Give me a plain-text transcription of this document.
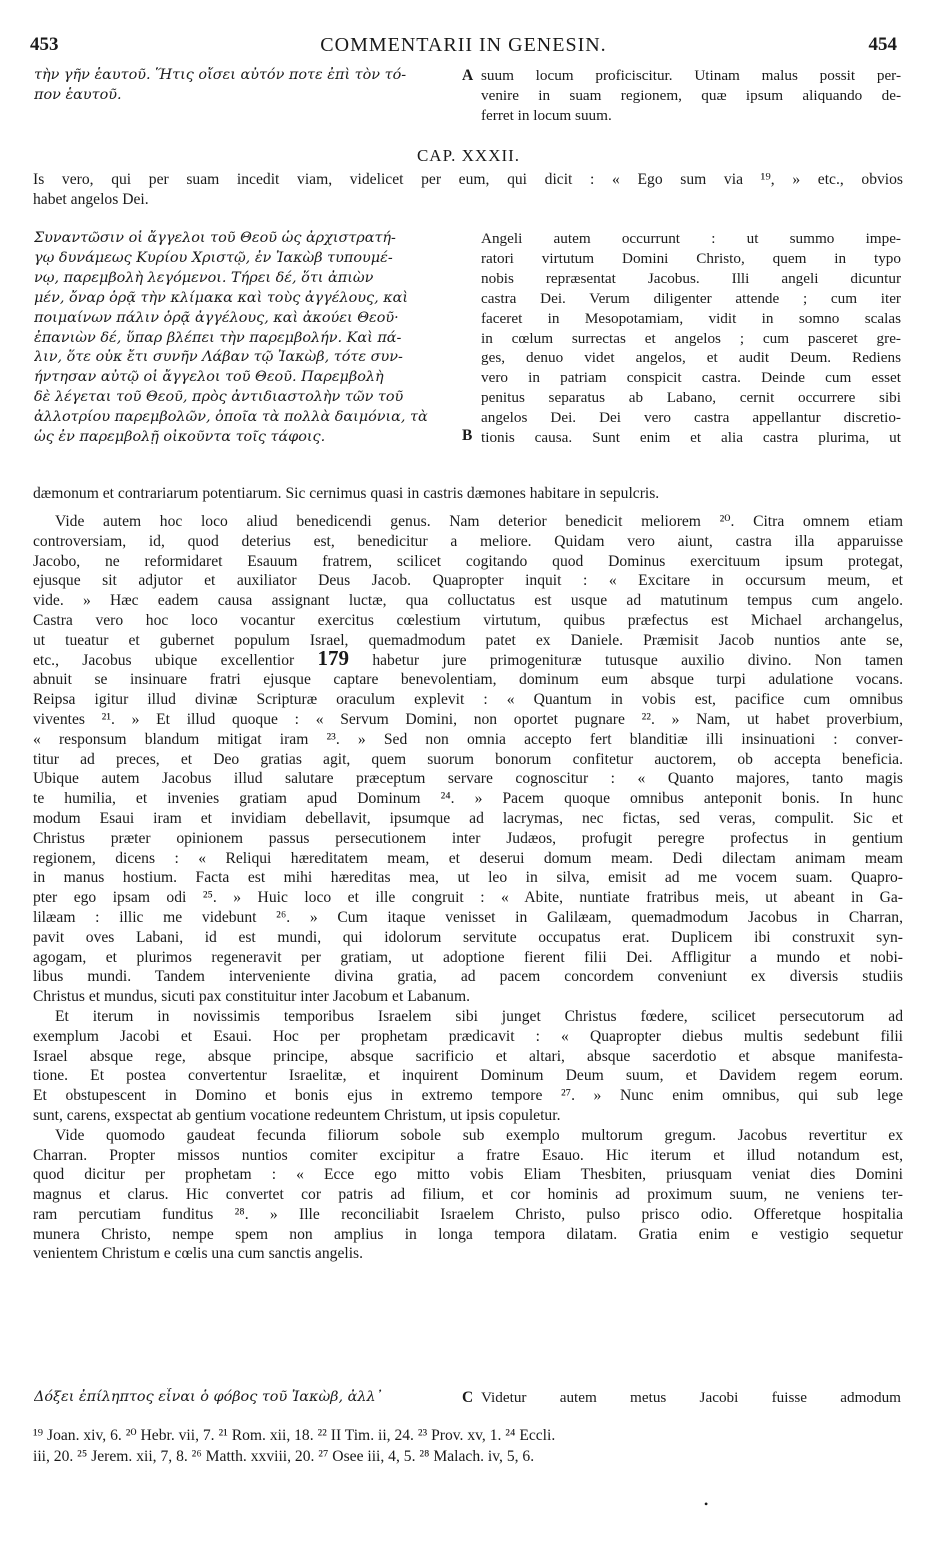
453	COMMENTARII IN GENESIN.	454
τὴν γῆν ἑαυτοῦ. Ἥτις οἴσει αὐτόν ποτε ἐπὶ τὸν τό-
πον ἑαυτοῦ.
A suum locum proficiscitur. Utinam malus possit per-
venire in suam regionem, quæ ipsum aliquando de-
ferret in locum suum.
CAP. XXXII.
Is vero, qui per suam incedit viam, videlicet per eum, qui dicit : « Ego sum via ¹⁹, » etc., obvios
habet angelos Dei.
Συναντῶσιν οἱ ἄγγελοι τοῦ Θεοῦ ὡς ἀρχιστρατή-
γῳ δυνάμεως Κυρίου Χριστῷ, ἐν Ἰακὼβ τυπουμέ-
νῳ, παρεμβολὴ λεγόμενοι. Τήρει δέ, ὅτι ἀπιὼν
μέν, ὄναρ ὁρᾷ τὴν κλίμακα καὶ τοὺς ἀγγέλους, καὶ
ποιμαίνων πάλιν ὁρᾷ ἀγγέλους, καὶ ἀκούει Θεοῦ·
ἐπανιὼν δέ, ὕπαρ βλέπει τὴν παρεμβολήν. Καὶ πά-
λιν, ὅτε οὐκ ἔτι συνῆν Λάβαν τῷ Ἰακὼβ, τότε συν-
ήντησαν αὐτῷ οἱ ἄγγελοι τοῦ Θεοῦ. Παρεμβολὴ
δὲ λέγεται τοῦ Θεοῦ, πρὸς ἀντιδιαστολὴν τῶν τοῦ
ἀλλοτρίου παρεμβολῶν, ὁποῖα τὰ πολλὰ δαιμόνια, τὰ
ὡς ἐν παρεμβολῇ οἰκοῦντα τοῖς τάφοις.	B
Angeli autem occurrunt : ut summo impe-
ratori virtutum Domini Christo, quem in typo
nobis repræsentat Jacobus. Illi angeli dicuntur
castra Dei. Verum diligenter attende ; cum iter
faceret in Mesopotamiam, vidit in somno scalas
in cœlum surrectas et angelos ; cum pasceret gre-
ges, denuo videt angelos, et audit Deum. Rediens
vero in patriam conspicit castra. Deinde cum esset
penitus separatus ab Labano, cernit occurrere sibi
angelos Dei. Dei vero castra appellantur discretio-
tionis causa. Sunt enim et alia castra plurima, ut
dæmonum et contrariarum potentiarum. Sic cernimus quasi in castris dæmones habitare in sepulcris.
Vide autem hoc loco aliud benedicendi genus. Nam deterior benedicit meliorem ²⁰. Citra omnem etiam
controversiam, id, quod deterius est, benedicitur a meliore. Quidam vero aiunt, castra illa apparuisse
Jacobo, ne reformidaret Esauum fratrem, scilicet cogitando quod Dominus exercituum ipsum protegat,
ejusque sit adjutor et auxiliator Deus Jacob. Quapropter inquit : « Excitare in occursum meum, et
vide. » Hæc eadem causa assignant luctæ, qua colluctatus est usque ad matutinum tempus cum angelo.
Castra vero hoc loco vocantur exercitus cœlestium virtutum, quibus præfectus est Michael archangelus,
ut tueatur et gubernet populum Israel, quemadmodum patet ex Daniele. Præmisit Jacob nuntios ante se,
etc., Jacobus ubique excellentior 179 habetur jure primogenituræ tutusque auxilio divino. Non tamen
abnuit se insinuare fratri ejusque captare benevolentiam, dominum eum absque turpi adulatione vocans.
Reipsa igitur illud divinæ Scripturæ oraculum explevit : « Quantum in vobis est, pacifice cum omnibus
viventes ²¹. » Et illud quoque : « Servum Domini, non oportet pugnare ²². » Nam, ut habet proverbium,
« responsum blandum mitigat iram ²³. » Sed non omnia accepto fert blanditiæ illi insinuationi : conver-
titur ad preces, et Deo gratias agit, quem suorum bonorum confitetur auctorem, ob accepta beneficia.
Ubique autem Jacobus illud salutare præceptum servare cognoscitur : « Quanto majores, tanto magis
te humilia, et invenies gratiam apud Dominum ²⁴. » Pacem quoque omnibus anteponit bonis. In hunc
modum Esaui iram et invidiam debellavit, ipsumque ad lacrymas, nec fictas, sed veras, compulit. Sic et
Christus præter opinionem passus persecutionem inter Judæos, profugit peregre profectus in gentium
regionem, dicens : « Reliqui hæreditatem meam, et deserui domum meam. Dedi dilectam animam meam
in manus hostium. Facta est mihi hæreditas mea, ut leo in silva, emisit ad me vocem suam. Quapro-
pter ego ipsam odi ²⁵. » Huic loco et ille congruit : « Abite, nuntiate fratribus meis, ut abeant in Ga-
lilæam : illic me videbunt ²⁶. » Cum itaque venisset in Galilæam, quemadmodum Jacobus in Charran,
pavit oves Labani, id est mundi, qui idolorum servitute occupatus erat. Duplicem ibi construxit syn-
agogam, et plurimos regeneravit per gratiam, ut adoptione fierent filii Dei. Affligitur a mundo et nobi-
libus mundi. Tandem interveniente divina gratia, ad pacem concordem conveniunt ex diversis studiis
Christus et mundus, sicuti pax constituitur inter Jacobum et Labanum.
Et iterum in novissimis temporibus Israelem sibi junget Christus fœdere, scilicet persecutorum ad
exemplum Jacobi et Esaui. Hoc per prophetam prædicavit : « Quapropter diebus multis sedebunt filii
Israel absque rege, absque principe, absque sacrificio et altari, absque sacerdotio et absque manifesta-
tione. Et postea convertentur Israelitæ, et inquirent Dominum Deum suum, et Davidem regem eorum.
Et obstupescent in Domino et bonis ejus in extremo tempore ²⁷. » Nunc enim omnibus, qui sub lege
sunt, carens, exspectat ab gentium vocatione redeuntem Christum, ut ipsis copuletur.
Vide quomodo gaudeat fecunda filiorum sobole sub exemplo multorum gregum. Jacobus revertitur ex
Charran. Propter missos nuntios comiter excipitur a fratre Esauo. Hic iterum et illud notandum est,
quod dicitur per prophetam : « Ecce ego mitto vobis Eliam Thesbiten, priusquam veniat dies Domini
magnus et clarus. Hic convertet cor patris ad filium, et cor hominis ad proximum suum, ne veniens ter-
ram percutiam funditus ²⁸. » Ille reconciliabit Israelem Christo, pulso prisco odio. Offeretque hospitalia
munera Christo, nempe spem non amplius in longa tempora dilatam. Gratia enim e vestigio sequetur
venientem Christum e cœlis una cum sanctis angelis.
Δόξει ἐπίληπτος εἶναι ὁ φόβος τοῦ Ἰακὼβ, ἀλλ᾽	C Videtur autem metus Jacobi fuisse admodum
¹⁹ Joan. xiv, 6. ²⁰ Hebr. vii, 7. ²¹ Rom. xii, 18. ²² II Tim. ii, 24. ²³ Prov. xv, 1. ²⁴ Eccli.
iii, 20. ²⁵ Jerem. xii, 7, 8. ²⁶ Matth. xxviii, 20. ²⁷ Osee iii, 4, 5. ²⁸ Malach. iv, 5, 6.
•
